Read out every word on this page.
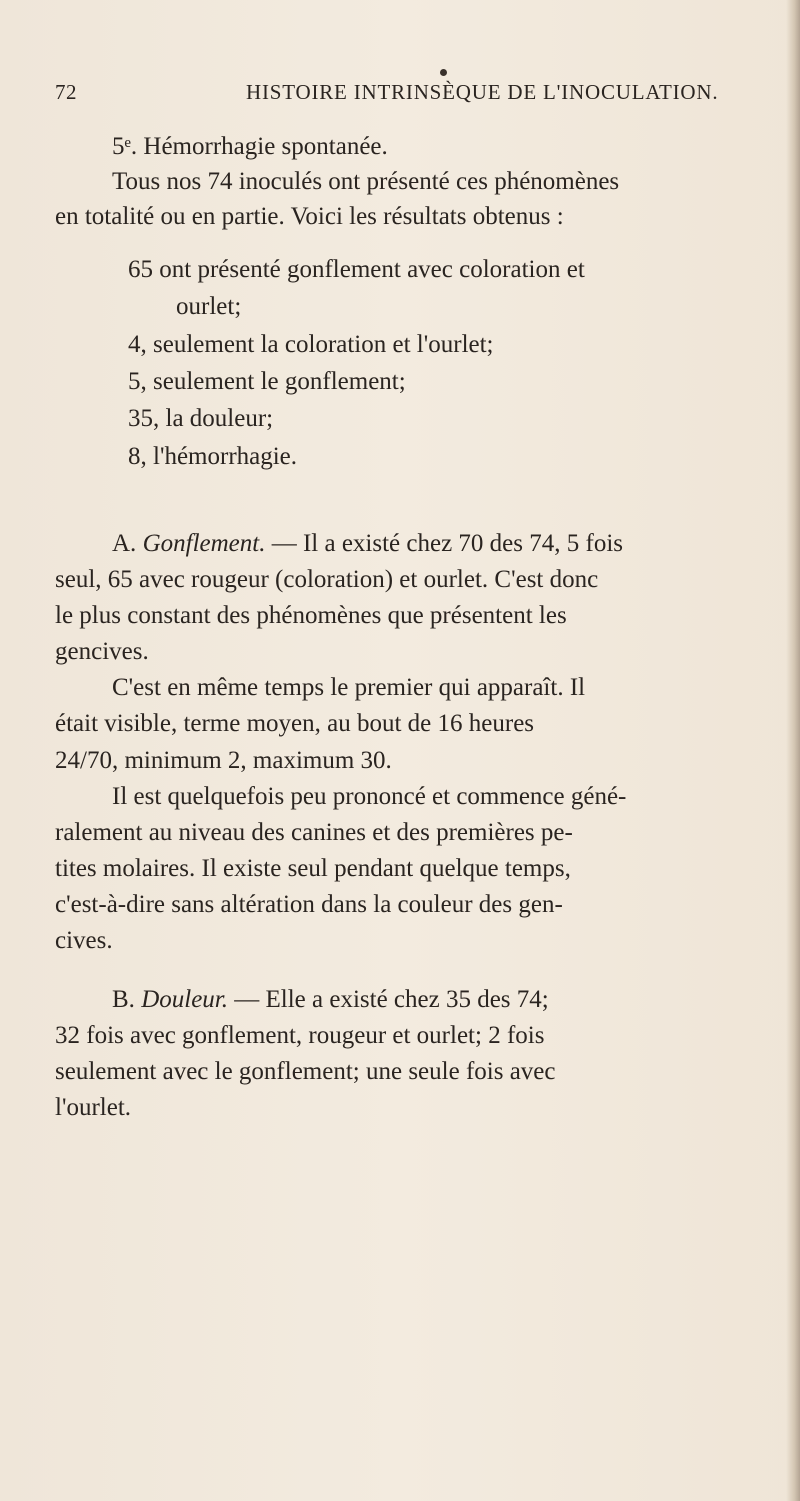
72	HISTOIRE INTRINSÈQUE DE L'INOCULATION.
5ᵉ. Hémorrhagie spontanée.
Tous nos 74 inoculés ont présenté ces phénomènes
en totalité ou en partie. Voici les résultats obtenus :
65 ont présenté gonflement avec coloration et
ourlet;
4, seulement la coloration et l'ourlet;
5, seulement le gonflement;
35, la douleur;
8, l'hémorrhagie.
A. Gonflement. — Il a existé chez 70 des 74, 5 fois
seul, 65 avec rougeur (coloration) et ourlet. C'est donc
le plus constant des phénomènes que présentent les
gencives.
C'est en même temps le premier qui apparaît. Il
était visible, terme moyen, au bout de 16 heures
24/70, minimum 2, maximum 30.
Il est quelquefois peu prononcé et commence géné-
ralement au niveau des canines et des premières pe-
tites molaires. Il existe seul pendant quelque temps,
c'est-à-dire sans altération dans la couleur des gen-
cives.
B. Douleur. — Elle a existé chez 35 des 74;
32 fois avec gonflement, rougeur et ourlet; 2 fois
seulement avec le gonflement; une seule fois avec
l'ourlet.
